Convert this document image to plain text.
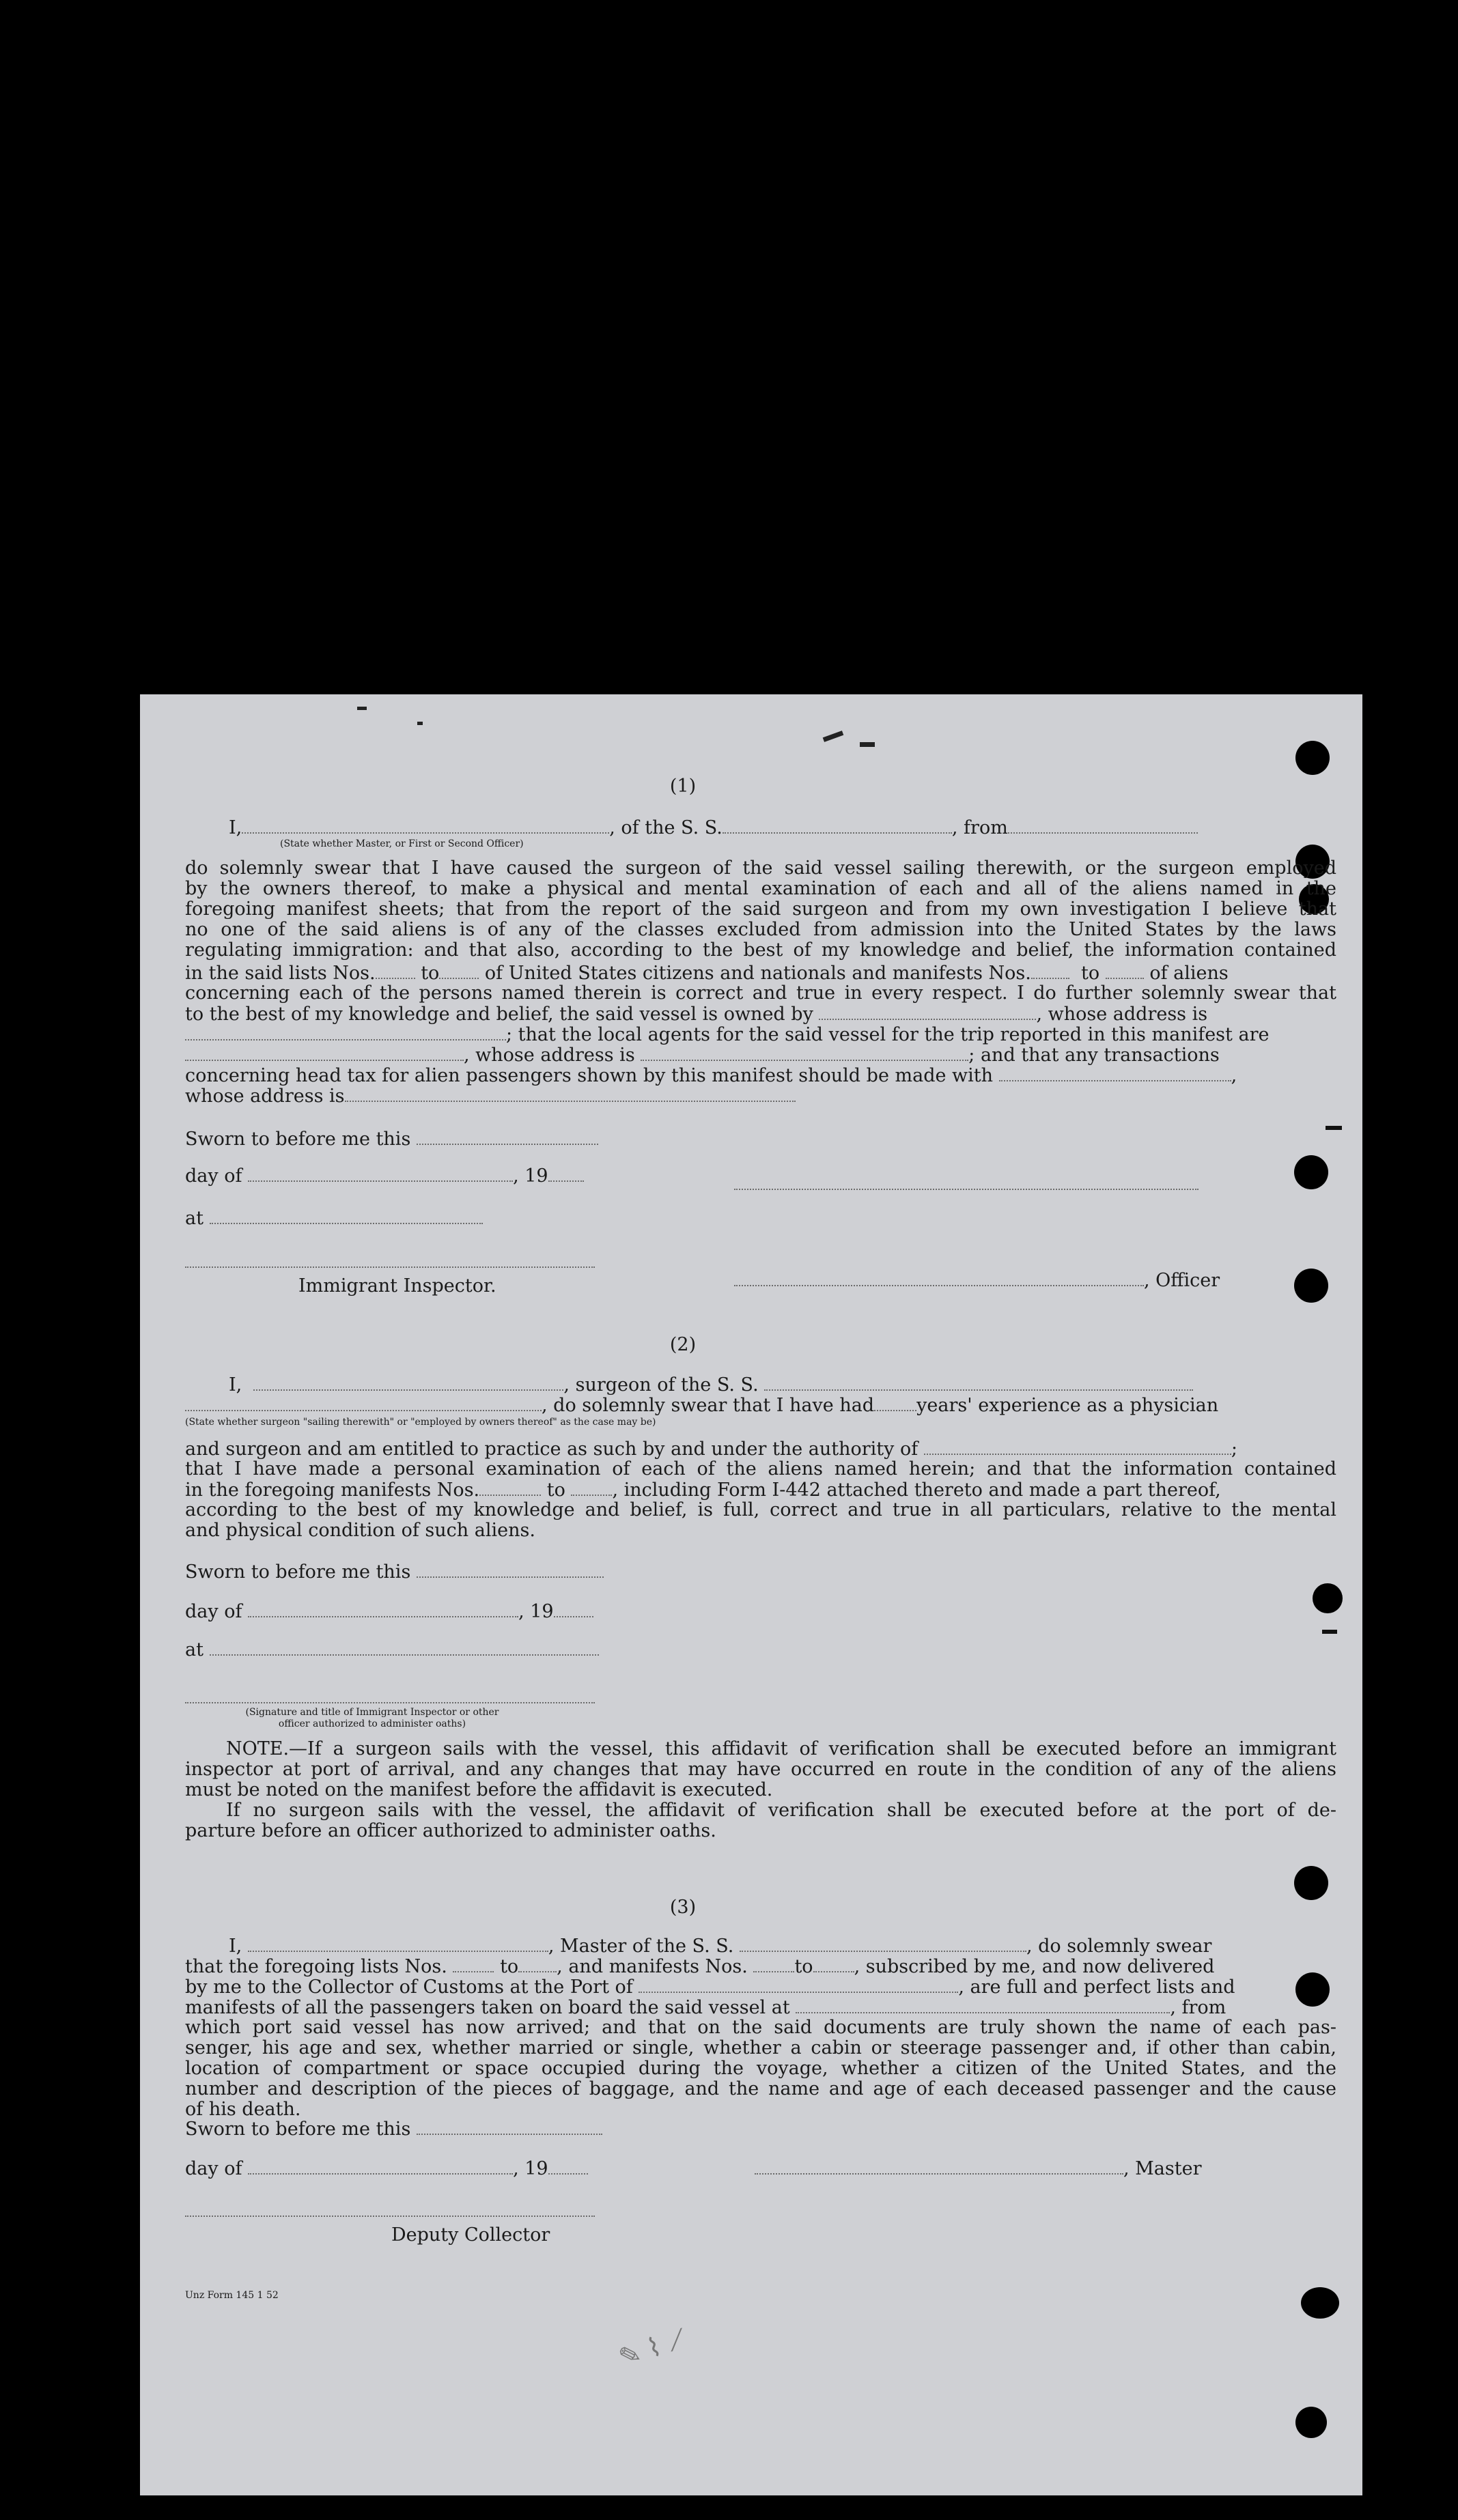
(1)
I,	, of the S. S.	, from
(State whether Master, or First or Second Officer)
do solemnly swear that I have caused the surgeon of the said vessel sailing therewith, or the surgeon employed
by the owners thereof, to make a physical and mental examination of each and all of the aliens named in the
foregoing manifest sheets; that from the report of the said surgeon and from my own investigation I believe that
no one of the said aliens is of any of the classes excluded from admission into the United States by the laws
regulating immigration: and that also, according to the best of my knowledge and belief, the information contained
in the said lists Nos. to of United States citizens and nationals and manifests Nos.	to	of aliens
concerning each of the persons named therein is correct and true in every respect. I do further solemnly swear that
to the best of my knowledge and belief, the said vessel is owned by	, whose address is
; that the local agents for the said vessel for the trip reported in this manifest are
, whose address is	; and that any transactions
concerning head tax for alien passengers shown by this manifest should be made with	,
whose address is
Sworn to before me this
day of	, 19
at
Immigrant Inspector.	, Officer
(2)
I,	, surgeon of the S. S.
, do solemnly swear that I have had years' experience as a physician
(State whether surgeon "sailing therewith" or "employed by owners thereof" as the case may be)
and surgeon and am entitled to practice as such by and under the authority of	;
that I have made a personal examination of each of the aliens named herein; and that the information contained
in the foregoing manifests Nos.	to	, including Form I-442 attached thereto and made a part thereof,
according to the best of my knowledge and belief, is full, correct and true in all particulars, relative to the mental
and physical condition of such aliens.
Sworn to before me this
day of	, 19
at
(Signature and title of Immigrant Inspector or other
officer authorized to administer oaths)
NOTE.—If a surgeon sails with the vessel, this affidavit of verification shall be executed before an immigrant
inspector at port of arrival, and any changes that may have occurred en route in the condition of any of the aliens
must be noted on the manifest before the affidavit is executed.
If no surgeon sails with the vessel, the affidavit of verification shall be executed before at the port of de-
parture before an officer authorized to administer oaths.
(3)
I,	, Master of the S. S.	, do solemnly swear
that the foregoing lists Nos.	to , and manifests Nos.	to , subscribed by me, and now delivered
by me to the Collector of Customs at the Port of	, are full and perfect lists and
manifests of all the passengers taken on board the said vessel at	, from
which port said vessel has now arrived; and that on the said documents are truly shown the name of each pas-
senger, his age and sex, whether married or single, whether a cabin or steerage passenger and, if other than cabin,
location of compartment or space occupied during the voyage, whether a citizen of the United States, and the
number and description of the pieces of baggage, and the name and age of each deceased passenger and the cause
of his death.
Sworn to before me this
day of	, 19	, Master
Deputy Collector
Unz Form 145 1 52
✎ ⌇ ⟋
